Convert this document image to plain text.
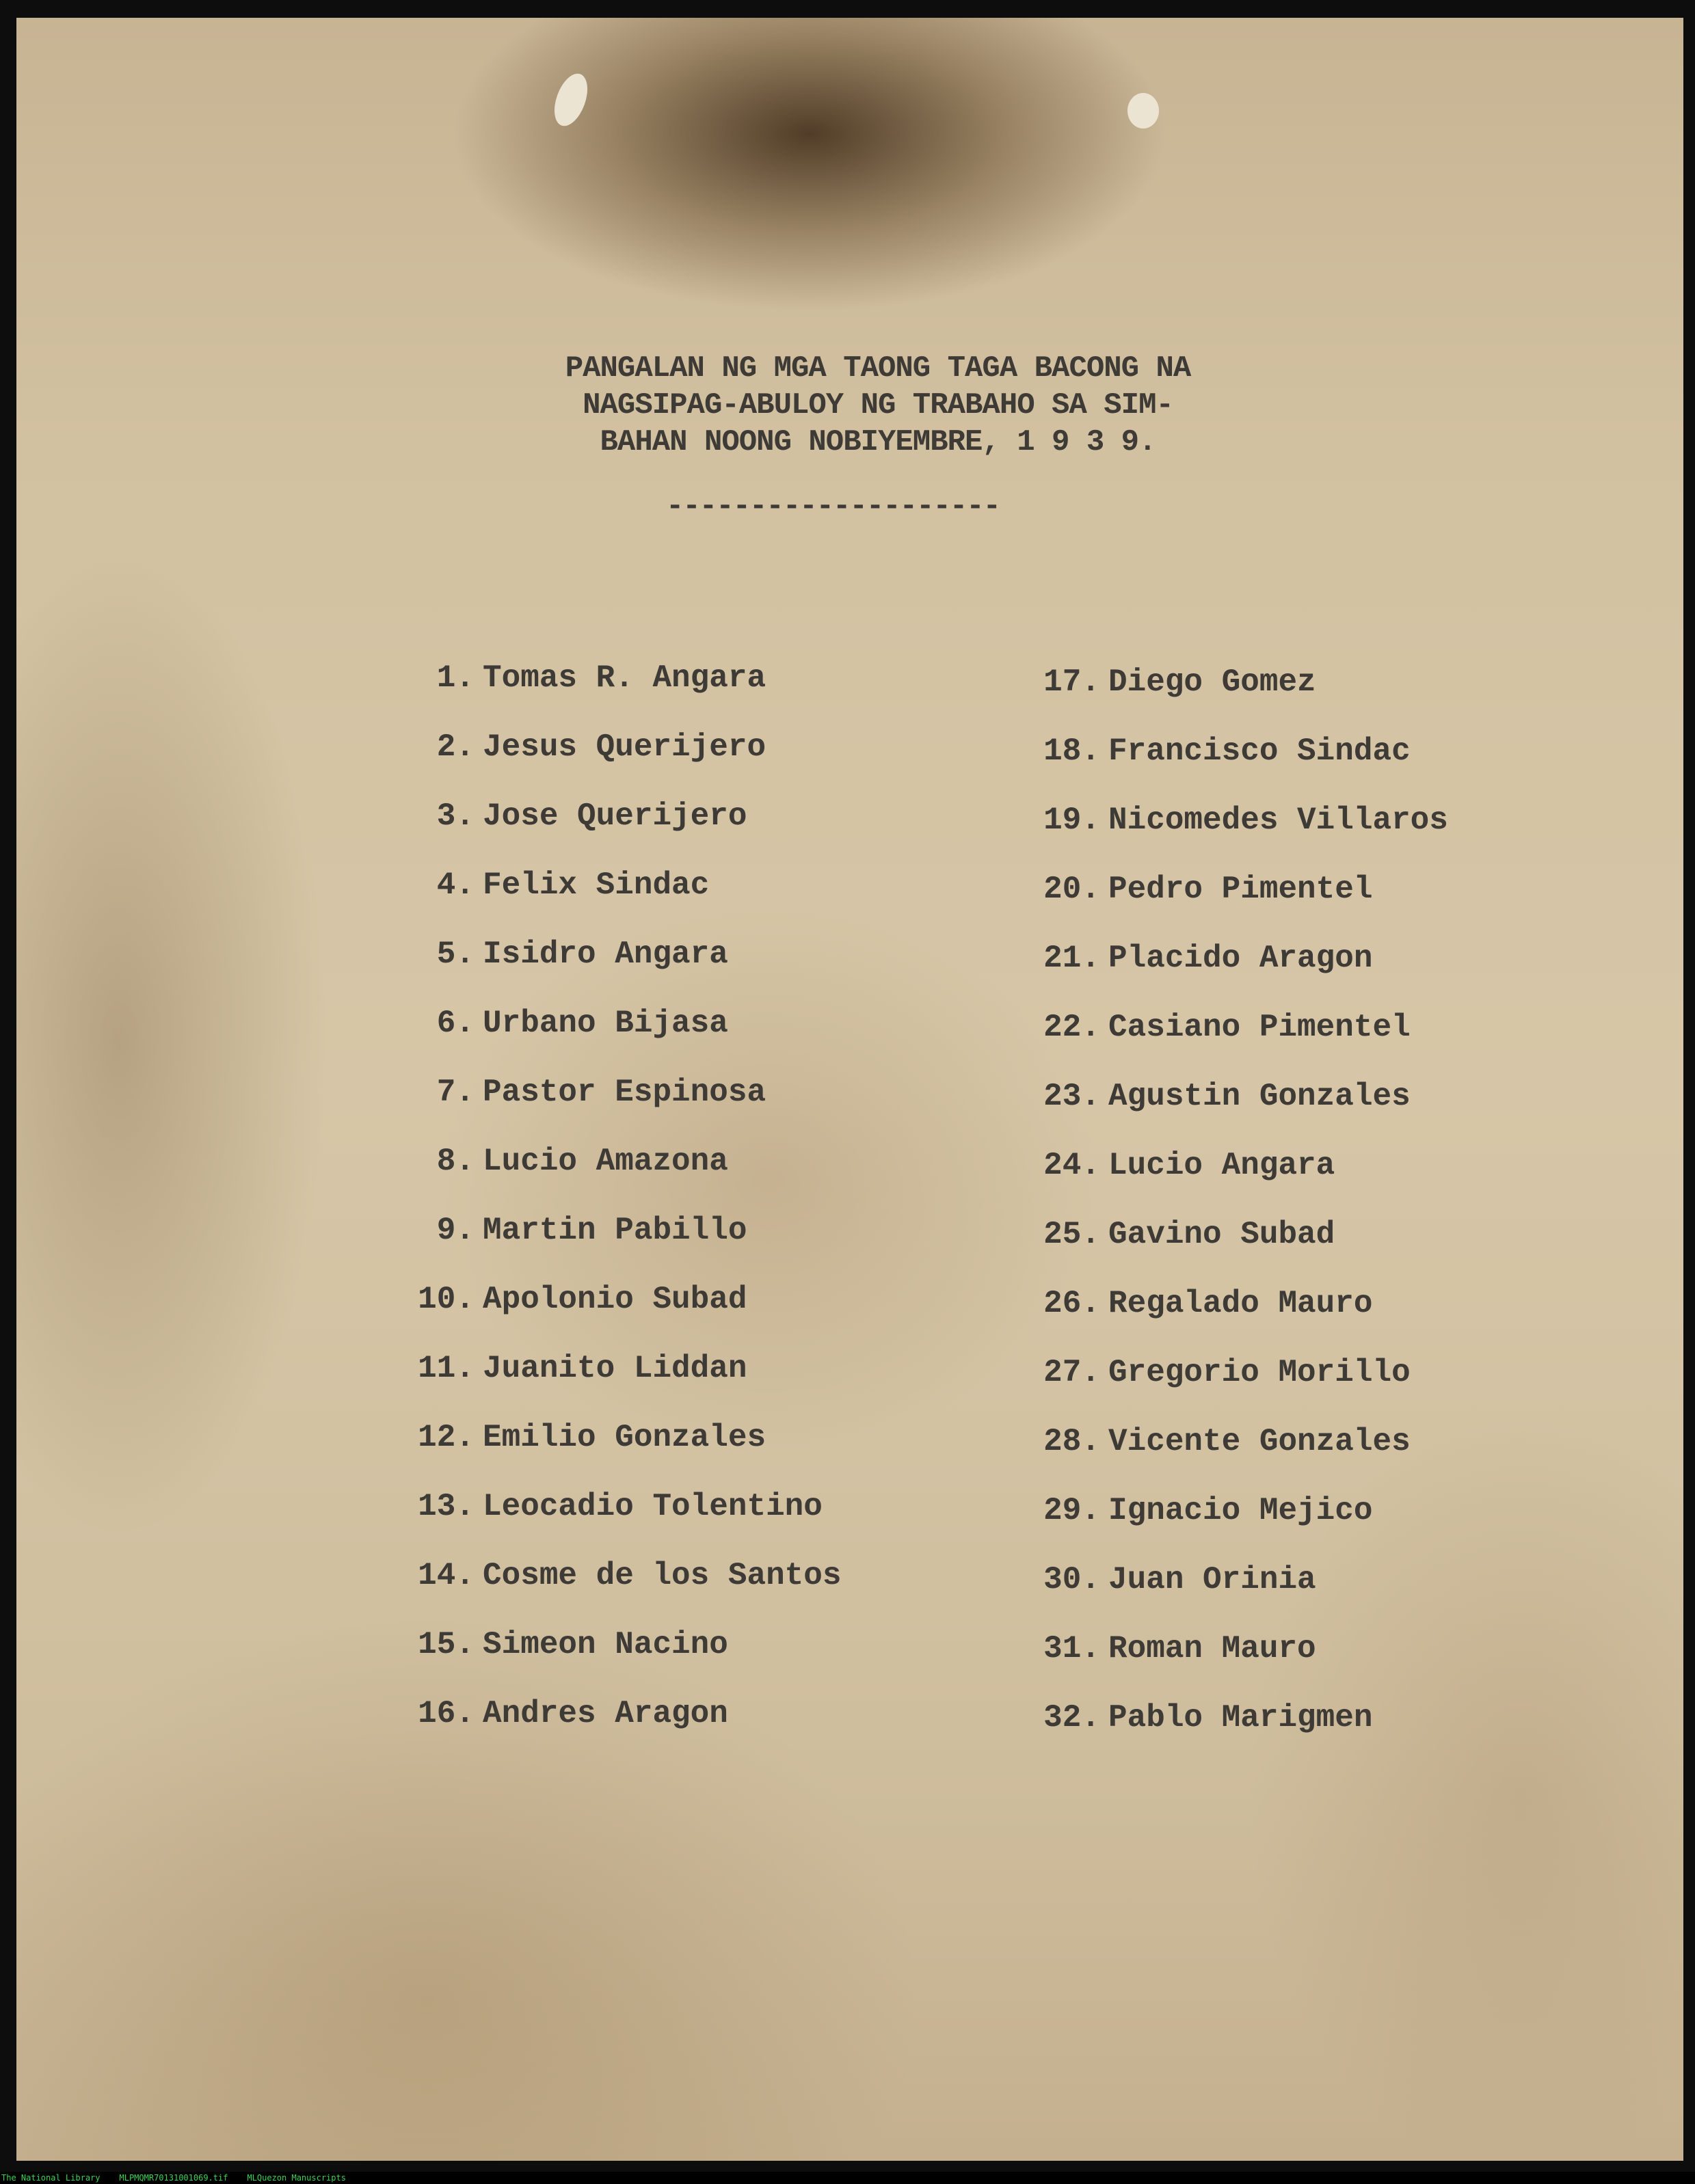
PANGALAN NG MGA TAONG TAGA BACONG NA
NAGSIPAG-ABULOY NG TRABAHO SA SIM-
BAHAN NOONG NOBIYEMBRE, 1 9 3 9.
--------------------
1. Tomas R. Angara
2. Jesus Querijero
3. Jose Querijero
4. Felix Sindac
5. Isidro Angara
6. Urbano Bijasa
7. Pastor Espinosa
8. Lucio Amazona
9. Martin Pabillo
10. Apolonio Subad
11. Juanito Liddan
12. Emilio Gonzales
13. Leocadio Tolentino
14. Cosme de los Santos
15. Simeon Nacino
16. Andres Aragon
17. Diego Gomez
18. Francisco Sindac
19. Nicomedes Villaros
20. Pedro Pimentel
21. Placido Aragon
22. Casiano Pimentel
23. Agustin Gonzales
24. Lucio Angara
25. Gavino Subad
26. Regalado Mauro
27. Gregorio Morillo
28. Vicente Gonzales
29. Ignacio Mejico
30. Juan Orinia
31. Roman Mauro
32. Pablo Marigmen
The National Library MLPMQMR70131001069.tif MLQuezon Manuscripts
